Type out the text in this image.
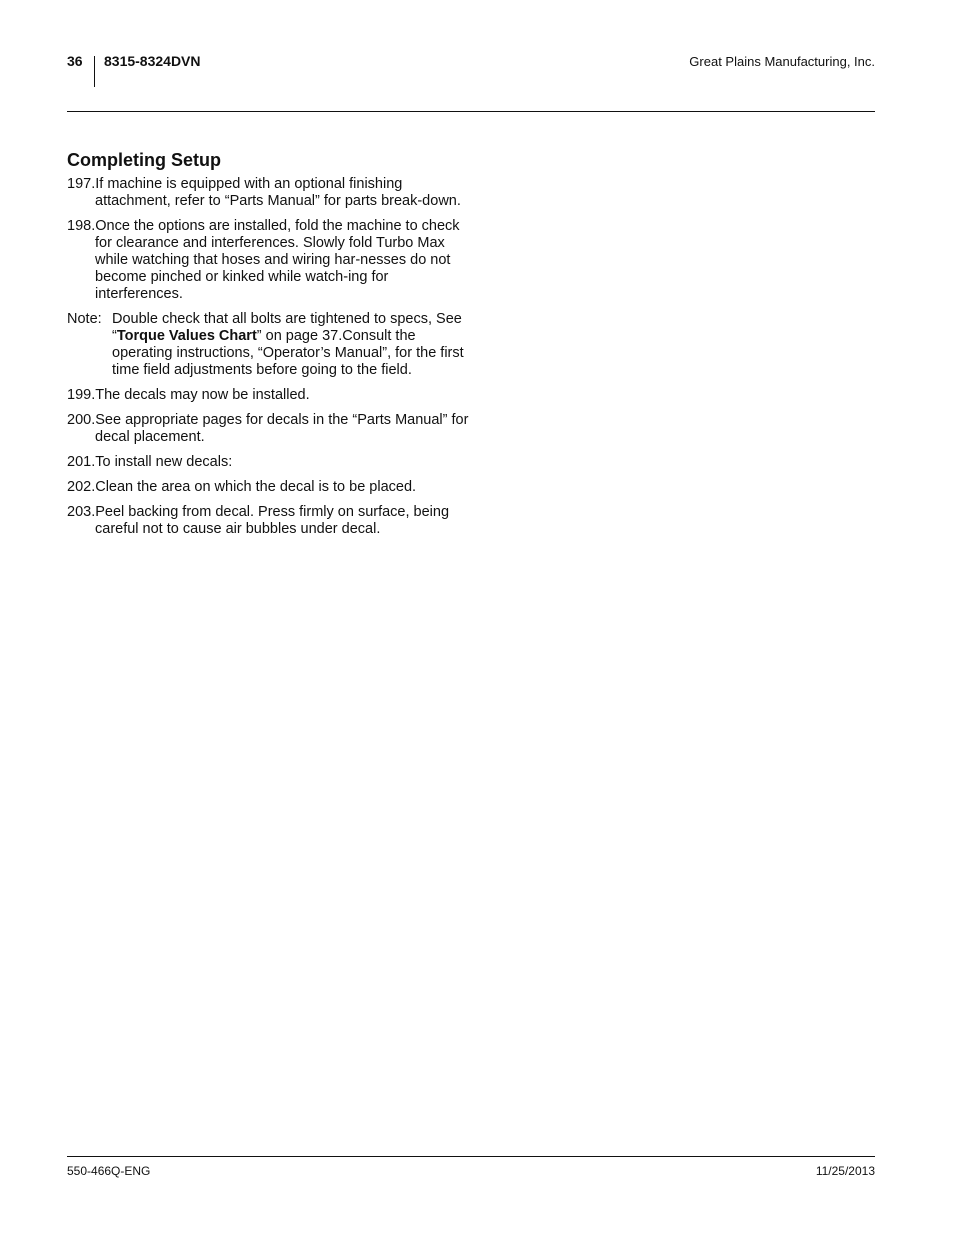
36 8315-8324DVN	Great Plains Manufacturing, Inc.
Completing Setup

197.If machine is equipped with an optional finishing attachment, refer to “Parts Manual” for parts break-down.

198.Once the options are installed, fold the machine to check for clearance and interferences. Slowly fold Turbo Max while watching that hoses and wiring har-nesses do not become pinched or kinked while watch-ing for interferences.

Note: Double check that all bolts are tightened to specs, See “Torque Values Chart” on page 37.Consult the operating instructions, “Operator’s Manual”, for the first time field adjustments before going to the field.

199.The decals may now be installed.

200.See appropriate pages for decals in the “Parts Manual” for decal placement.

201.To install new decals:

202.Clean the area on which the decal is to be placed.

203.Peel backing from decal. Press firmly on surface, being careful not to cause air bubbles under decal.

550-466Q-ENG	11/25/2013
